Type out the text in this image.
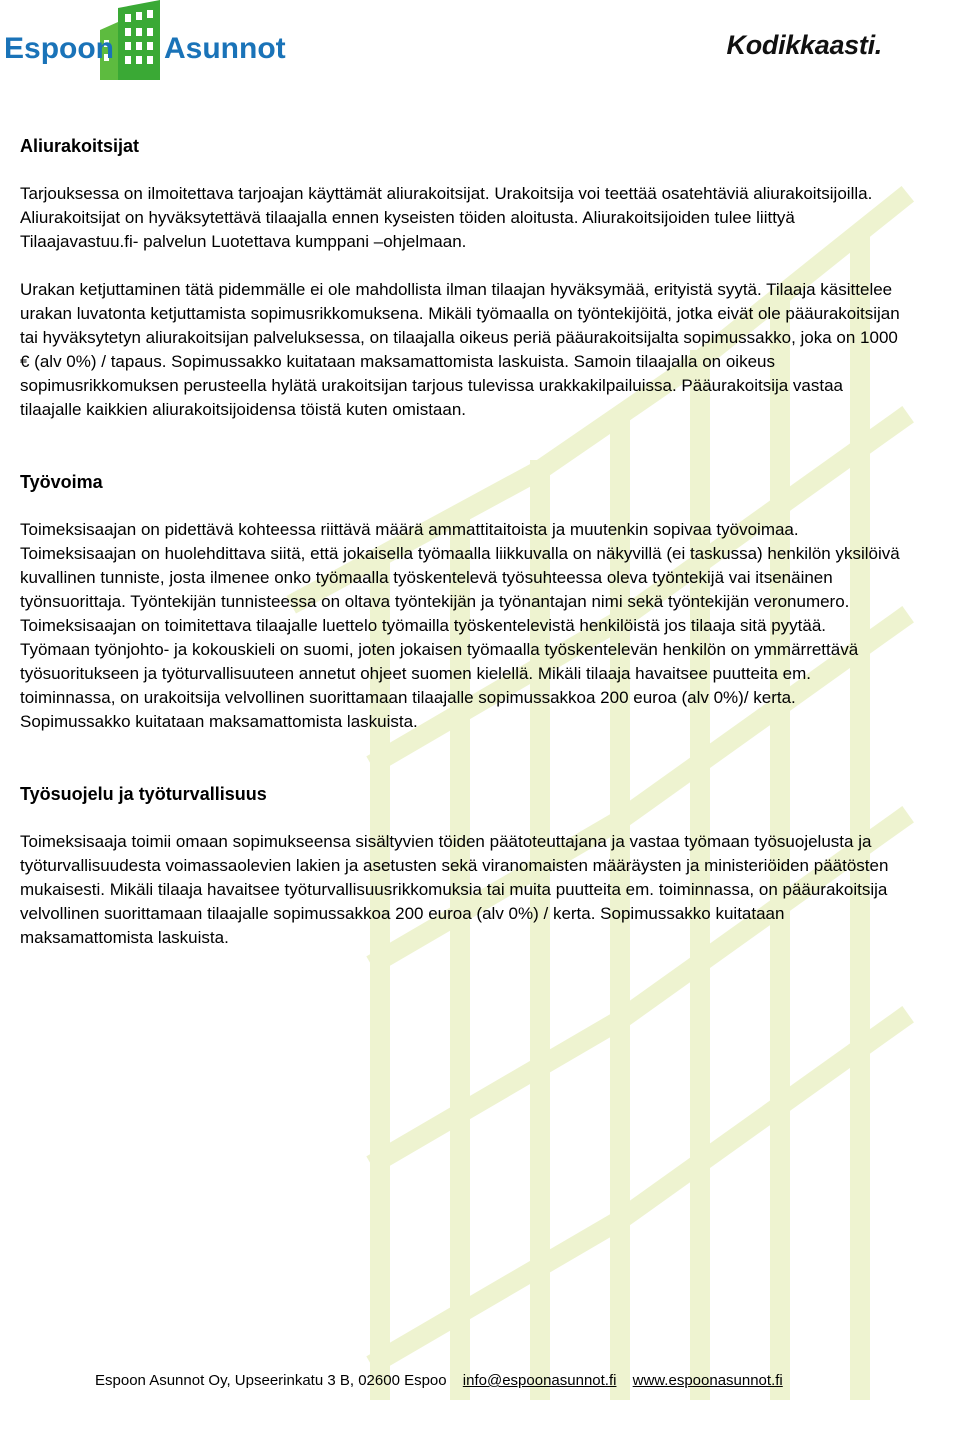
Espoon Asunnot	Kodikkaasti.
Aliurakoitsijat

Tarjouksessa on ilmoitettava tarjoajan käyttämät aliurakoitsijat. Urakoitsija voi teettää osatehtäviä aliurakoitsijoilla. Aliurakoitsijat on hyväksytettävä tilaajalla ennen kyseisten töiden aloitusta. Aliurakoitsijoiden tulee liittyä Tilaajavastuu.fi- palvelun Luotettava kumppani –ohjelmaan.

Urakan ketjuttaminen tätä pidemmälle ei ole mahdollista ilman tilaajan hyväksymää, erityistä syytä. Tilaaja käsittelee urakan luvatonta ketjuttamista sopimusrikkomuksena. Mikäli työmaalla on työntekijöitä, jotka eivät ole pääurakoitsijan tai hyväksytetyn aliurakoitsijan palveluksessa, on tilaajalla oikeus periä pääurakoitsijalta sopimussakko, joka on 1000 € (alv 0%) / tapaus. Sopimussakko kuitataan maksamattomista laskuista. Samoin tilaajalla on oikeus sopimusrikkomuksen perusteella hylätä urakoitsijan tarjous tulevissa urakkakilpailuissa. Pääurakoitsija vastaa tilaajalle kaikkien aliurakoitsijoidensa töistä kuten omistaan.

Työvoima

Toimeksisaajan on pidettävä kohteessa riittävä määrä ammattitaitoista ja muutenkin sopivaa työvoimaa. Toimeksisaajan on huolehdittava siitä, että jokaisella työmaalla liikkuvalla on näkyvillä (ei taskussa) henkilön yksilöivä kuvallinen tunniste, josta ilmenee onko työmaalla työskentelevä työsuhteessa oleva työntekijä vai itsenäinen työnsuorittaja. Työntekijän tunnisteessa on oltava työntekijän ja työnantajan nimi sekä työntekijän veronumero. Toimeksisaajan on toimitettava tilaajalle luettelo työmailla työskentelevistä henkilöistä jos tilaaja sitä pyytää. Työmaan työnjohto- ja kokouskieli on suomi, joten jokaisen työmaalla työskentelevän henkilön on ymmärrettävä työsuoritukseen ja työturvallisuuteen annetut ohjeet suomen kielellä. Mikäli tilaaja havaitsee puutteita em. toiminnassa, on urakoitsija velvollinen suorittamaan tilaajalle sopimussakkoa 200 euroa (alv 0%)/ kerta. Sopimussakko kuitataan maksamattomista laskuista.

Työsuojelu ja työturvallisuus

Toimeksisaaja toimii omaan sopimukseensa sisältyvien töiden päätoteuttajana ja vastaa työmaan työsuojelusta ja työturvallisuudesta voimassaolevien lakien ja asetusten sekä viranomaisten määräysten ja ministeriöiden päätösten mukaisesti. Mikäli tilaaja havaitsee työturvallisuusrikkomuksia tai muita puutteita em. toiminnassa, on pääurakoitsija velvollinen suorittamaan tilaajalle sopimussakkoa 200 euroa (alv 0%) / kerta. Sopimussakko kuitataan maksamattomista laskuista.

Espoon Asunnot Oy, Upseerinkatu 3 B, 02600 Espoo info@espoonasunnot.fi www.espoonasunnot.fi
